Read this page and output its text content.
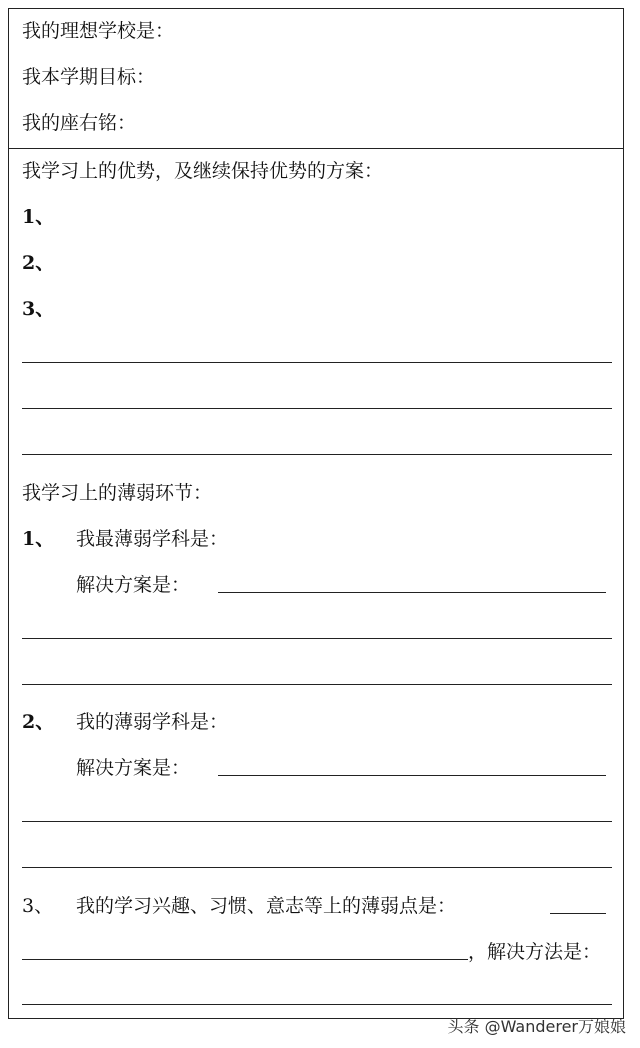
我的理想学校是：
我本学期目标：
我的座右铭：
我学习上的优势，及继续保持优势的方案：
1、
2、
3、
我学习上的薄弱环节：
1、 我最薄弱学科是：
解决方案是：
2、 我的薄弱学科是：
解决方案是：
3、 我的学习兴趣、习惯、意志等上的薄弱点是：
，解决方法是：
头条 @Wanderer万娘娘
